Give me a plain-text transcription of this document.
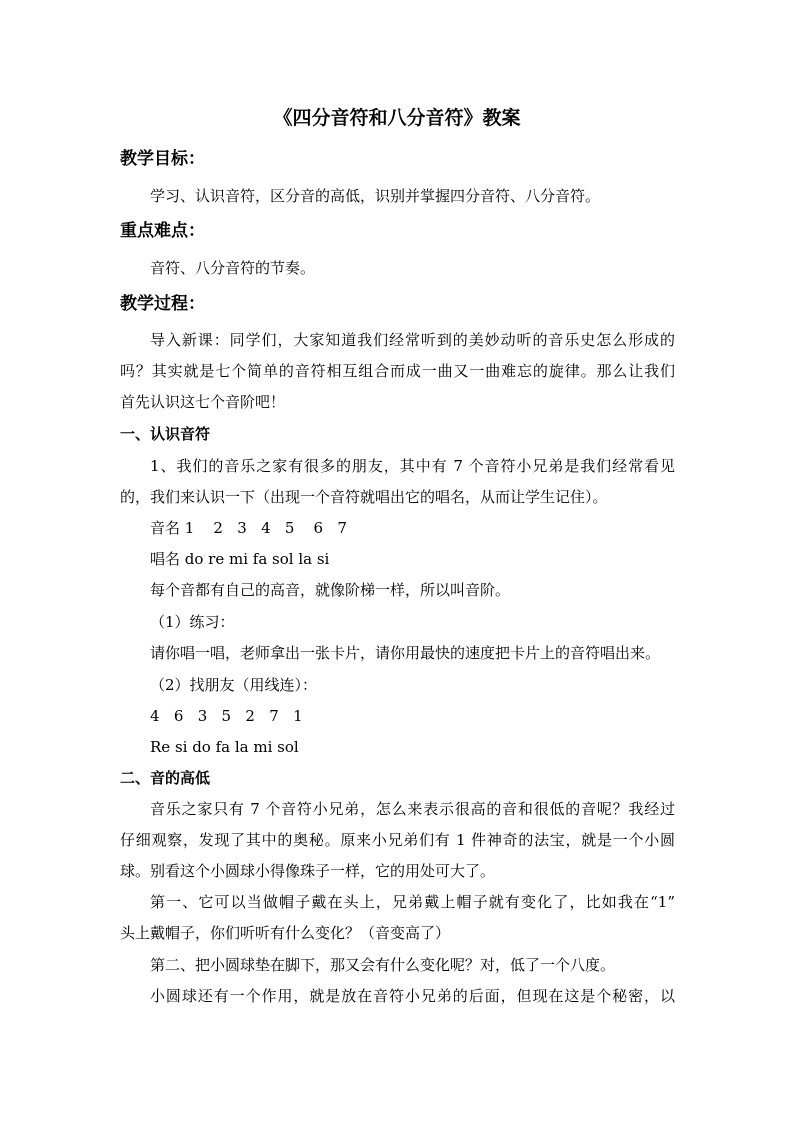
《四分音符和八分音符》教案
教学目标：
学习、认识音符，区分音的高低，识别并掌握四分音符、八分音符。
重点难点：
音符、八分音符的节奏。
教学过程：
导入新课：同学们，大家知道我们经常听到的美妙动听的音乐史怎么形成的
吗？其实就是七个简单的音符相互组合而成一曲又一曲难忘的旋律。那么让我们
首先认识这七个音阶吧！
一、认识音符
1、我们的音乐之家有很多的朋友，其中有 7 个音符小兄弟是我们经常看见
的，我们来认识一下（出现一个音符就唱出它的唱名，从而让学生记住）。
音名 1    2   3   4   5    6   7
唱名 do re mi fa sol la si
每个音都有自己的高音，就像阶梯一样，所以叫音阶。
（1）练习：
请你唱一唱，老师拿出一张卡片，请你用最快的速度把卡片上的音符唱出来。
（2）找朋友（用线连）：
4   6   3   5   2   7   1
Re si do fa la mi sol
二、音的高低
音乐之家只有 7 个音符小兄弟，怎么来表示很高的音和很低的音呢？我经过
仔细观察，发现了其中的奥秘。原来小兄弟们有 1 件神奇的法宝，就是一个小圆
球。别看这个小圆球小得像珠子一样，它的用处可大了。
第一、它可以当做帽子戴在头上，兄弟戴上帽子就有变化了，比如我在“1”
头上戴帽子，你们听听有什么变化？（音变高了）
第二、把小圆球垫在脚下，那又会有什么变化呢？对，低了一个八度。
小圆球还有一个作用，就是放在音符小兄弟的后面，但现在这是个秘密，以
